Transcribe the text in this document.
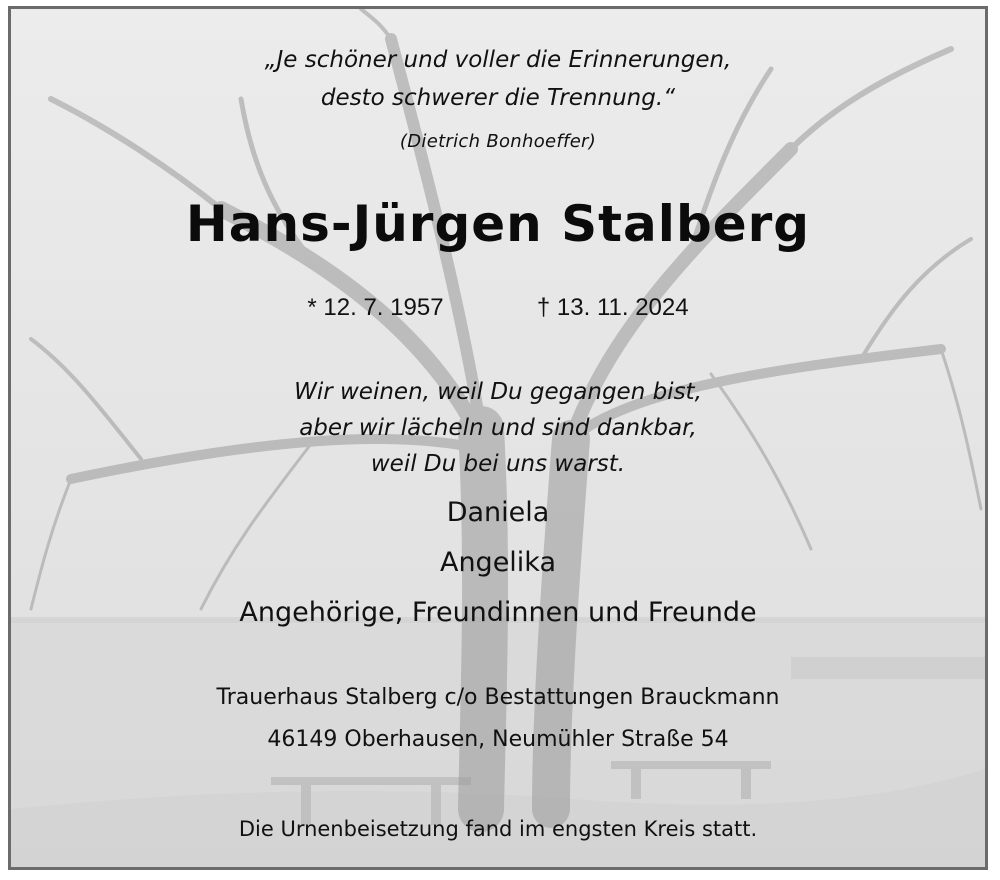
„Je schöner und voller die Erinnerungen,
desto schwerer die Trennung.“
(Dietrich Bonhoeffer)
Hans-Jürgen Stalberg
* 12. 7. 1957	† 13. 11. 2024
Wir weinen, weil Du gegangen bist,
aber wir lächeln und sind dankbar,
weil Du bei uns warst.
Daniela
Angelika
Angehörige, Freundinnen und Freunde
Trauerhaus Stalberg c/o Bestattungen Brauckmann
46149 Oberhausen, Neumühler Straße 54
Die Urnenbeisetzung fand im engsten Kreis statt.
